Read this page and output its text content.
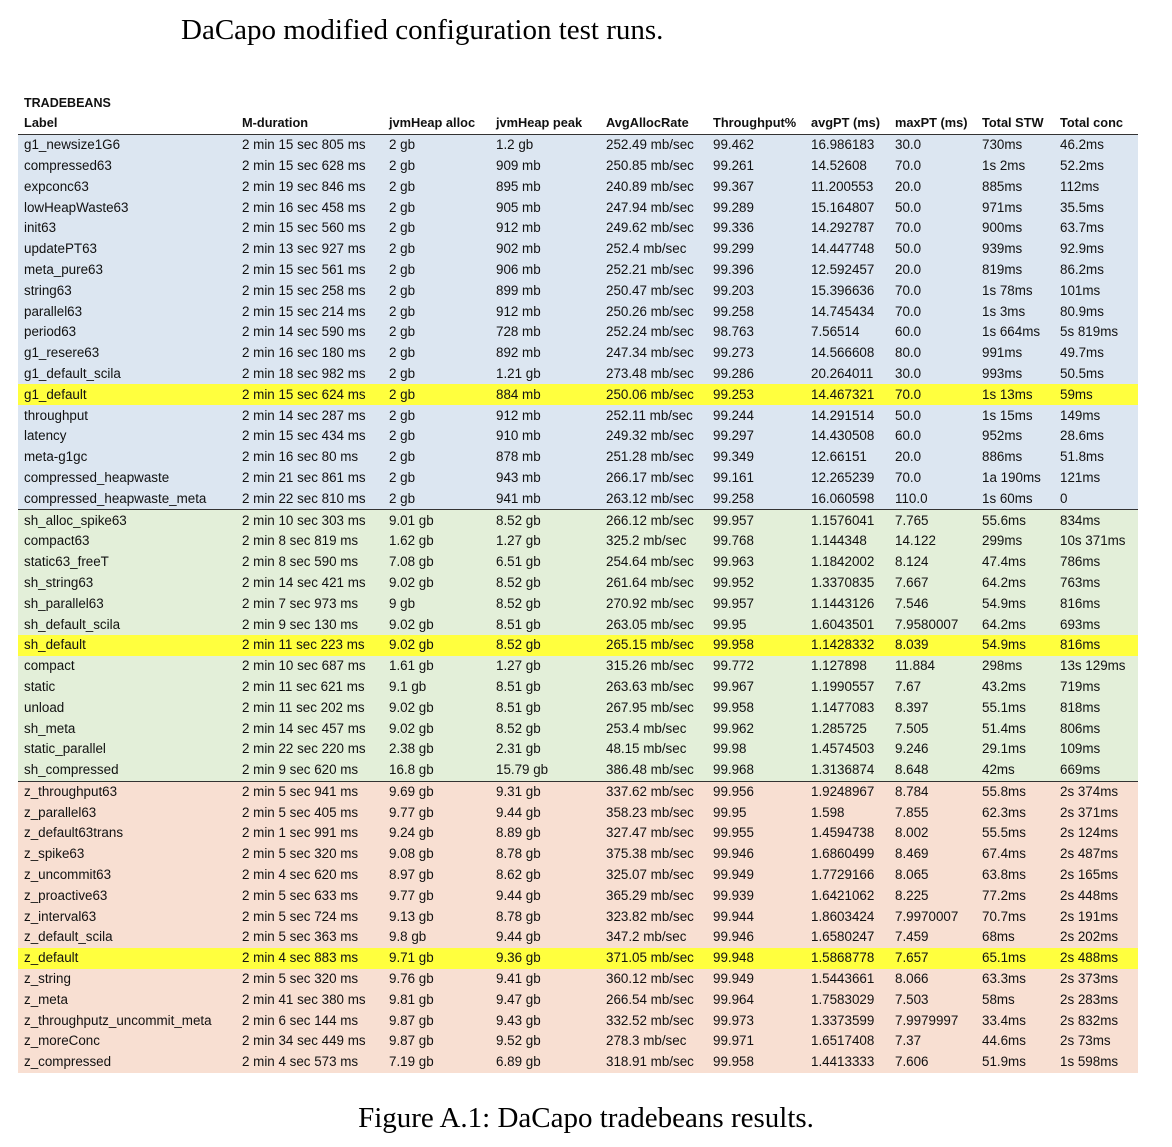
DaCapo modified configuration test runs.
TRADEBEANS
Label	M-duration	jvmHeap alloc	jvmHeap peak	AvgAllocRate	Throughput%	avgPT (ms)	maxPT (ms)	Total STW	Total conc
g1_newsize1G6	2 min 15 sec 805 ms	2 gb	1.2 gb	252.49 mb/sec	99.462	16.986183	30.0	730ms	46.2ms
compressed63	2 min 15 sec 628 ms	2 gb	909 mb	250.85 mb/sec	99.261	14.52608	70.0	1s 2ms	52.2ms
expconc63	2 min 19 sec 846 ms	2 gb	895 mb	240.89 mb/sec	99.367	11.200553	20.0	885ms	112ms
lowHeapWaste63	2 min 16 sec 458 ms	2 gb	905 mb	247.94 mb/sec	99.289	15.164807	50.0	971ms	35.5ms
init63	2 min 15 sec 560 ms	2 gb	912 mb	249.62 mb/sec	99.336	14.292787	70.0	900ms	63.7ms
updatePT63	2 min 13 sec 927 ms	2 gb	902 mb	252.4 mb/sec	99.299	14.447748	50.0	939ms	92.9ms
meta_pure63	2 min 15 sec 561 ms	2 gb	906 mb	252.21 mb/sec	99.396	12.592457	20.0	819ms	86.2ms
string63	2 min 15 sec 258 ms	2 gb	899 mb	250.47 mb/sec	99.203	15.396636	70.0	1s 78ms	101ms
parallel63	2 min 15 sec 214 ms	2 gb	912 mb	250.26 mb/sec	99.258	14.745434	70.0	1s 3ms	80.9ms
period63	2 min 14 sec 590 ms	2 gb	728 mb	252.24 mb/sec	98.763	7.56514	60.0	1s 664ms	5s 819ms
g1_resere63	2 min 16 sec 180 ms	2 gb	892 mb	247.34 mb/sec	99.273	14.566608	80.0	991ms	49.7ms
g1_default_scila	2 min 18 sec 982 ms	2 gb	1.21 gb	273.48 mb/sec	99.286	20.264011	30.0	993ms	50.5ms
g1_default	2 min 15 sec 624 ms	2 gb	884 mb	250.06 mb/sec	99.253	14.467321	70.0	1s 13ms	59ms
throughput	2 min 14 sec 287 ms	2 gb	912 mb	252.11 mb/sec	99.244	14.291514	50.0	1s 15ms	149ms
latency	2 min 15 sec 434 ms	2 gb	910 mb	249.32 mb/sec	99.297	14.430508	60.0	952ms	28.6ms
meta-g1gc	2 min 16 sec 80 ms	2 gb	878 mb	251.28 mb/sec	99.349	12.66151	20.0	886ms	51.8ms
compressed_heapwaste	2 min 21 sec 861 ms	2 gb	943 mb	266.17 mb/sec	99.161	12.265239	70.0	1a 190ms	121ms
compressed_heapwaste_meta	2 min 22 sec 810 ms	2 gb	941 mb	263.12 mb/sec	99.258	16.060598	110.0	1s 60ms	0
sh_alloc_spike63	2 min 10 sec 303 ms	9.01 gb	8.52 gb	266.12 mb/sec	99.957	1.1576041	7.765	55.6ms	834ms
compact63	2 min 8 sec 819 ms	1.62 gb	1.27 gb	325.2 mb/sec	99.768	1.144348	14.122	299ms	10s 371ms
static63_freeT	2 min 8 sec 590 ms	7.08 gb	6.51 gb	254.64 mb/sec	99.963	1.1842002	8.124	47.4ms	786ms
sh_string63	2 min 14 sec 421 ms	9.02 gb	8.52 gb	261.64 mb/sec	99.952	1.3370835	7.667	64.2ms	763ms
sh_parallel63	2 min 7 sec 973 ms	9 gb	8.52 gb	270.92 mb/sec	99.957	1.1443126	7.546	54.9ms	816ms
sh_default_scila	2 min 9 sec 130 ms	9.02 gb	8.51 gb	263.05 mb/sec	99.95	1.6043501	7.9580007	64.2ms	693ms
sh_default	2 min 11 sec 223 ms	9.02 gb	8.52 gb	265.15 mb/sec	99.958	1.1428332	8.039	54.9ms	816ms
compact	2 min 10 sec 687 ms	1.61 gb	1.27 gb	315.26 mb/sec	99.772	1.127898	11.884	298ms	13s 129ms
static	2 min 11 sec 621 ms	9.1 gb	8.51 gb	263.63 mb/sec	99.967	1.1990557	7.67	43.2ms	719ms
unload	2 min 11 sec 202 ms	9.02 gb	8.51 gb	267.95 mb/sec	99.958	1.1477083	8.397	55.1ms	818ms
sh_meta	2 min 14 sec 457 ms	9.02 gb	8.52 gb	253.4 mb/sec	99.962	1.285725	7.505	51.4ms	806ms
static_parallel	2 min 22 sec 220 ms	2.38 gb	2.31 gb	48.15 mb/sec	99.98	1.4574503	9.246	29.1ms	109ms
sh_compressed	2 min 9 sec 620 ms	16.8 gb	15.79 gb	386.48 mb/sec	99.968	1.3136874	8.648	42ms	669ms
z_throughput63	2 min 5 sec 941 ms	9.69 gb	9.31 gb	337.62 mb/sec	99.956	1.9248967	8.784	55.8ms	2s 374ms
z_parallel63	2 min 5 sec 405 ms	9.77 gb	9.44 gb	358.23 mb/sec	99.95	1.598	7.855	62.3ms	2s 371ms
z_default63trans	2 min 1 sec 991 ms	9.24 gb	8.89 gb	327.47 mb/sec	99.955	1.4594738	8.002	55.5ms	2s 124ms
z_spike63	2 min 5 sec 320 ms	9.08 gb	8.78 gb	375.38 mb/sec	99.946	1.6860499	8.469	67.4ms	2s 487ms
z_uncommit63	2 min 4 sec 620 ms	8.97 gb	8.62 gb	325.07 mb/sec	99.949	1.7729166	8.065	63.8ms	2s 165ms
z_proactive63	2 min 5 sec 633 ms	9.77 gb	9.44 gb	365.29 mb/sec	99.939	1.6421062	8.225	77.2ms	2s 448ms
z_interval63	2 min 5 sec 724 ms	9.13 gb	8.78 gb	323.82 mb/sec	99.944	1.8603424	7.9970007	70.7ms	2s 191ms
z_default_scila	2 min 5 sec 363 ms	9.8 gb	9.44 gb	347.2 mb/sec	99.946	1.6580247	7.459	68ms	2s 202ms
z_default	2 min 4 sec 883 ms	9.71 gb	9.36 gb	371.05 mb/sec	99.948	1.5868778	7.657	65.1ms	2s 488ms
z_string	2 min 5 sec 320 ms	9.76 gb	9.41 gb	360.12 mb/sec	99.949	1.5443661	8.066	63.3ms	2s 373ms
z_meta	2 min 41 sec 380 ms	9.81 gb	9.47 gb	266.54 mb/sec	99.964	1.7583029	7.503	58ms	2s 283ms
z_throughputz_uncommit_meta	2 min 6 sec 144 ms	9.87 gb	9.43 gb	332.52 mb/sec	99.973	1.3373599	7.9979997	33.4ms	2s 832ms
z_moreConc	2 min 34 sec 449 ms	9.87 gb	9.52 gb	278.3 mb/sec	99.971	1.6517408	7.37	44.6ms	2s 73ms
z_compressed	2 min 4 sec 573 ms	7.19 gb	6.89 gb	318.91 mb/sec	99.958	1.4413333	7.606	51.9ms	1s 598ms
Figure A.1: DaCapo tradebeans results.
